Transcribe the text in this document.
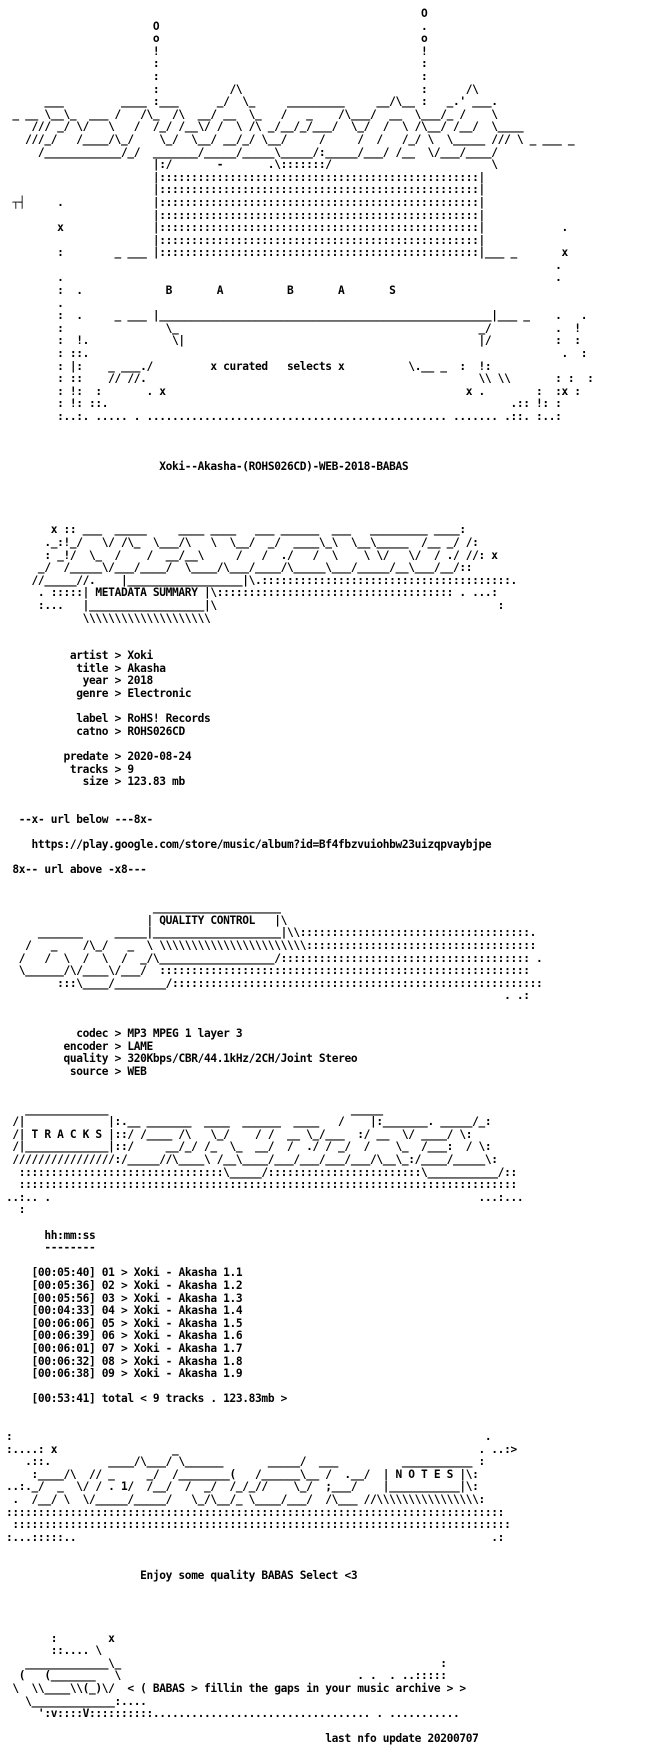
O
O                                         .
o                                         o
!                                         !
:                                         :
:                                         :
:           /\                            :      /\
___         ____ :___      _/  \_     _________     __/\__ :   _.' ___.
_ __ \__\_  ___ /   /\_  /\  __/ __  \_   /   _    /\___/  __  \___/_ /    \
/// _/ \/   \   /  /_/ /__\/ /  \ /\ _/__/_/___/  \_/  /  \ /\__/ /__/  \____
///_/   /____/\_/    \_/  \__/ __/_/ \__/     /     /  /   /_/ \  \_____ /// \ _ ___ _
/____________/_/  _______/_____/_____\_____/:_____/___/ /__  \/___/____/
|:/       -       .\:::::::/                         \
|::::::::::::::::::::::::::::::::::::::::::::::::::|
|::::::::::::::::::::::::::::::::::::::::::::::::::|
┬┤     .              |::::::::::::::::::::::::::::::::::::::::::::::::::|
|::::::::::::::::::::::::::::::::::::::::::::::::::|
x              |::::::::::::::::::::::::::::::::::::::::::::::::::|            .
|::::::::::::::::::::::::::::::::::::::::::::::::::|
:        _ ___ |::::::::::::::::::::::::::::::::::::::::::::::::::|___ _       x
.
.                                                                             .
:  .	B       A          B       A       S
.
:  .     _ ___ |____________________________________________________|___ _    .   .
:                \_                                               _/          .  !
:  !.             \|                                              |/          :  :
: ::.                                                                          .  :
: |:    _ ___./	x curated   selects x	\.__ _  :  !:
: ::    // //.                                                    \\ \\       : :  :
: !:  :       . x                                               x .        :  :x :
: !: ::.                                                               .:: !: :
:..:. ..... . ............................................... ....... .::. :..:

Xoki--Akasha-(ROHS026CD)-WEB-2018-BABAS

x :: ___  _____     ____ ____   ___ ______  ___   _________ ____:
._:!_/   \/ /\_  \___/\   \  \__/  _/  ____\_\  \__\_____  /__ _/ /:
: _!/  \_  /    /  __/__\     /   /  ./   /  \    \ \/   \/  / ./ //: x
_/  /_____\/___/____/  \____/\___/____/\_____\___/_____/__\___/__/::
//_____//.    |__________________|\.:::::::::::::::::::::::::::::::::::::::.
. :::::| METADATA SUMMARY |\::::::::::::::::::::::::::::::::::::: . ...:
:...   |__________________|\                                            :
\\\\\\\\\\\\\\\\\\\\

artist > Xoki
title > Akasha
year > 2018
genre > Electronic

label > RoHS! Records
catno > ROHS026CD

predate > 2020-08-24
tracks > 9
size > 123.83 mb

--x- url below ---8x-

https://play.google.com/store/music/album?id=Bf4fbzvuiohbw23uizqpvaybjpe

8x-- url above -x8---

____________________
| QUALITY CONTROL   |\
_______     _____|____________________|\\::::::::::::::::::::::::::::::::::::.
/   _    /\_/   _  \ \\\\\\\\\\\\\\\\\\\\\\\::::::::::::::::::::::::::::::::::::
/   /  \  /  \  /  _/\__________________/::::::::::::::::::::::::::::::::::::::: .
\______/\/____\/___/  ::::::::::::::::::::::::::::::::::::::::::::::::::::::::::
:::\____/________/::::::::::::::::::::::::::::::::::::::::::::::::::::::::::
. .:

codec > MP3 MPEG 1 layer 3
encoder > LAME
quality > 320Kbps/CBR/44.1kHz/2CH/Joint Stereo
source > WEB

_____________                                      _____
/|             |:.__ _______  ____  ______  ____   /    |:_______. _____/_:
/| T R A C K S |::/ /____ /\   \_/    / /  __ \_/___  :/ __  \/ ____/ \:
/|_____________|::/     __/_/ /_  \_  __/  /  ./ / _/  /    \_  /___:  / \:
////////////////:/_____//\____\ /__\____/___/___/___/___/\__\_:/____/_____\:
::::::::::::::::::::::::::::::::\_____/::::::::::::::::::::::::\___________/::
::::::::::::::::::::::::::::::::::::::::::::::::::::::::::::::::::::::::::::::
..:.. .                                                                   ...:...
:

hh:mm:ss
--------

[00:05:40] 01 > Xoki - Akasha 1.1
[00:05:36] 02 > Xoki - Akasha 1.2
[00:05:56] 03 > Xoki - Akasha 1.3
[00:04:33] 04 > Xoki - Akasha 1.4
[00:06:06] 05 > Xoki - Akasha 1.5
[00:06:39] 06 > Xoki - Akasha 1.6
[00:06:01] 07 > Xoki - Akasha 1.7
[00:06:32] 08 > Xoki - Akasha 1.8
[00:06:38] 09 > Xoki - Akasha 1.9

[00:53:41] total < 9 tracks . 123.83mb >

:                                                                          .
:....: x                  _                                               . ..:>
.::.         ____/\___/ \______       _____/  ___          ___________ :
:____/\  // _     _/  /________(   /______\__ /  .__/  | N O T E S |\:
..:._/  _  \/ / . 1/  /__/  /  _/  /_/_//    \_/  ;___/    |___________|\:
.  /__/ \  \/_____/_____/   \_/\__/_ \____/___/  /\___ //\\\\\\\\\\\\\\\\:
::::::::::::::::::::::::::::::::::::::::::::::::::::::::::::::::::::::::::::::
::::::::::::::::::::::::::::::::::::::::::::::::::::::::::::::::::::::::::::::
:...:::::..                                                                 .:

Enjoy some quality BABAS Select <3

:        x
::.... \
_____________\_                                                  :
(   (_______   \                                     . .  . ..:::::
\  \\____\\(_)\/  < ( BABAS > fillin the gaps in your music archive > >
\_____________:....
':v::::V::::::::::.................................. . ...........

last nfo update 20200707
